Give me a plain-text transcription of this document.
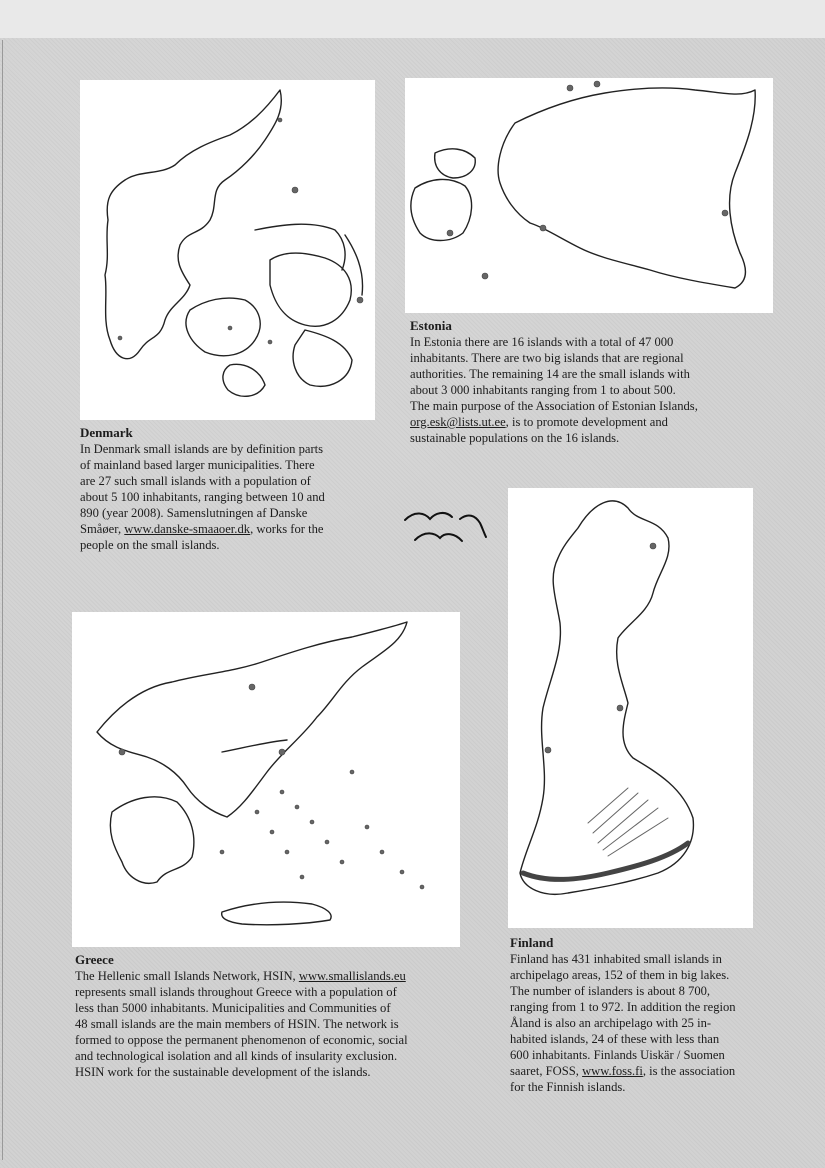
Estonia

In Estonia there are 16 islands with a total of 47 000

inhabitants. There are two big islands that are regional

authorities. The remaining 14 are the small islands with

about 3 000 inhabitants ranging from 1 to about 500.

The main purpose of the Association of Estonian Islands,

org.esk@lists.ut.ee, is to promote development and

sustainable populations on the 16 islands.

Denmark

In Denmark small islands are by definition parts

of mainland based larger municipalities. There

are 27 such small islands with a population of

about 5 100 inhabitants, ranging between 10 and

890 (year 2008). Samenslutningen af Danske

Småøer, www.danske-smaaoer.dk, works for the

people on the small islands.

Greece

The Hellenic small Islands Network, HSIN, www.smallislands.eu

represents small islands throughout Greece with a population of

less than 5000 inhabitants. Municipalities and Communities of

48 small islands are the main members of HSIN. The network is

formed to oppose the permanent phenomenon of economic, social

and technological isolation and all kinds of insularity exclusion.

HSIN work for the sustainable development of the islands.

Finland

Finland has 431 inhabited small islands in

archipelago areas, 152 of them in big lakes.

The number of islanders is about 8 700,

ranging from 1 to 972. In addition the region

Åland is also an archipelago with 25 in-

habited islands, 24 of these with less than

600 inhabitants. Finlands Uiskär / Suomen

saaret, FOSS, www.foss.fi, is the association

for the Finnish islands.
